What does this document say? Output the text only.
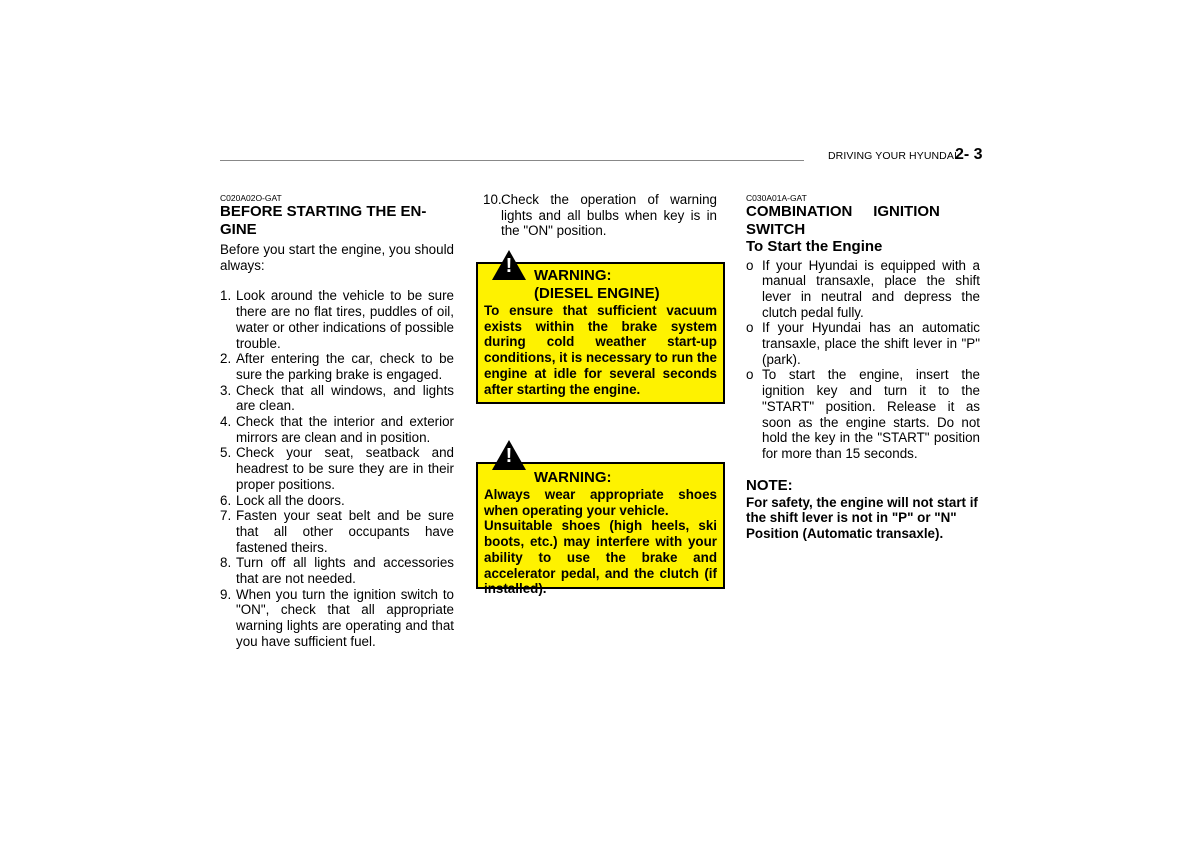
DRIVING YOUR HYUNDAI
2- 3

C020A02O-GAT

BEFORE STARTING THE EN-
GINE

Before you start the engine, you should always:

1. Look around the vehicle to be sure there are no flat tires, puddles of oil, water or other indications of possible trouble.
2. After entering the car, check to be sure the parking brake is engaged.
3. Check that all windows, and lights are clean.
4. Check that the interior and exterior mirrors are clean and in position.
5. Check your seat, seatback and headrest to be sure they are in their proper positions.
6. Lock all the doors.
7. Fasten your seat belt and be sure that all other occupants have fastened theirs.
8. Turn off all lights and accessories that are not needed.
9. When you turn the ignition switch to "ON", check that all appropriate warning lights are operating and that you have sufficient fuel.
10. Check the operation of warning lights and all bulbs when key is in the "ON" position.
!	WARNING:
(DIESEL ENGINE)
To ensure that sufficient vacuum exists within the brake system during cold weather start-up conditions, it is necessary to run the engine at idle for several seconds after starting the engine.
!
WARNING:
Always wear appropriate shoes when operating your vehicle.
Unsuitable shoes (high heels, ski boots, etc.) may interfere with your ability to use the brake and accelerator pedal, and the clutch (if installed).

C030A01A-GAT

COMBINATION     IGNITION
SWITCH

To Start the Engine

o If your Hyundai is equipped with a manual transaxle, place the shift lever in neutral and depress the clutch pedal fully.
o If your Hyundai has an automatic transaxle, place the shift lever in "P" (park).
o To start the engine, insert the ignition key and turn it to the "START" position. Release it as soon as the engine starts. Do not hold the key in the "START" position for more than 15 seconds.

NOTE:

For safety, the engine will not start if the shift lever is not in "P" or "N" Position (Automatic transaxle).
